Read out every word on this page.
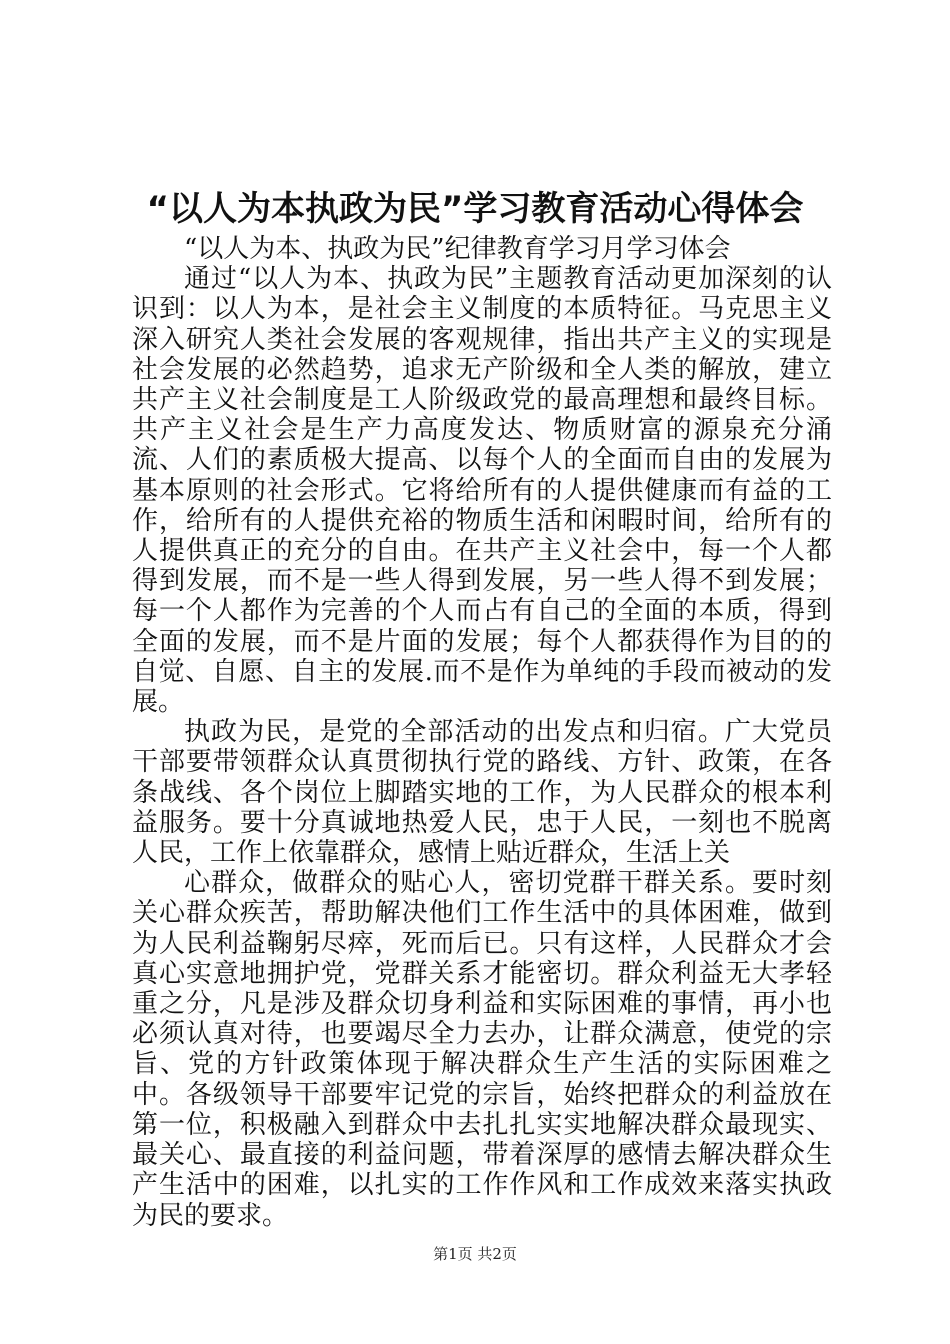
“以人为本执政为民”学习教育活动心得体会

“以人为本、执政为民”纪律教育学习月学习体会

通过“以人为本、执政为民”主题教育活动更加深刻的认识到：以人为本，是社会主义制度的本质特征。马克思主义深入研究人类社会发展的客观规律，指出共产主义的实现是社会发展的必然趋势，追求无产阶级和全人类的解放，建立共产主义社会制度是工人阶级政党的最高理想和最终目标。共产主义社会是生产力高度发达、物质财富的源泉充分涌流、人们的素质极大提高、以每个人的全面而自由的发展为基本原则的社会形式。它将给所有的人提供健康而有益的工作，给所有的人提供充裕的物质生活和闲暇时间，给所有的人提供真正的充分的自由。在共产主义社会中，每一个人都得到发展，而不是一些人得到发展，另一些人得不到发展；每一个人都作为完善的个人而占有自己的全面的本质，得到全面的发展，而不是片面的发展；每个人都获得作为目的的自觉、自愿、自主的发展.而不是作为单纯的手段而被动的发展。

执政为民，是党的全部活动的出发点和归宿。广大党员干部要带领群众认真贯彻执行党的路线、方针、政策，在各条战线、各个岗位上脚踏实地的工作，为人民群众的根本利益服务。要十分真诚地热爱人民，忠于人民，一刻也不脱离人民，工作上依靠群众，感情上贴近群众，生活上关

心群众，做群众的贴心人，密切党群干群关系。要时刻关心群众疾苦，帮助解决他们工作生活中的具体困难，做到为人民利益鞠躬尽瘁，死而后已。只有这样，人民群众才会真心实意地拥护党，党群关系才能密切。群众利益无大孝轻重之分，凡是涉及群众切身利益和实际困难的事情，再小也必须认真对待，也要竭尽全力去办，让群众满意，使党的宗旨、党的方针政策体现于解决群众生产生活的实际困难之中。各级领导干部要牢记党的宗旨，始终把群众的利益放在第一位，积极融入到群众中去扎扎实实地解决群众最现实、最关心、最直接的利益问题，带着深厚的感情去解决群众生产生活中的困难，以扎实的工作作风和工作成效来落实执政为民的要求。

第1页 共2页
